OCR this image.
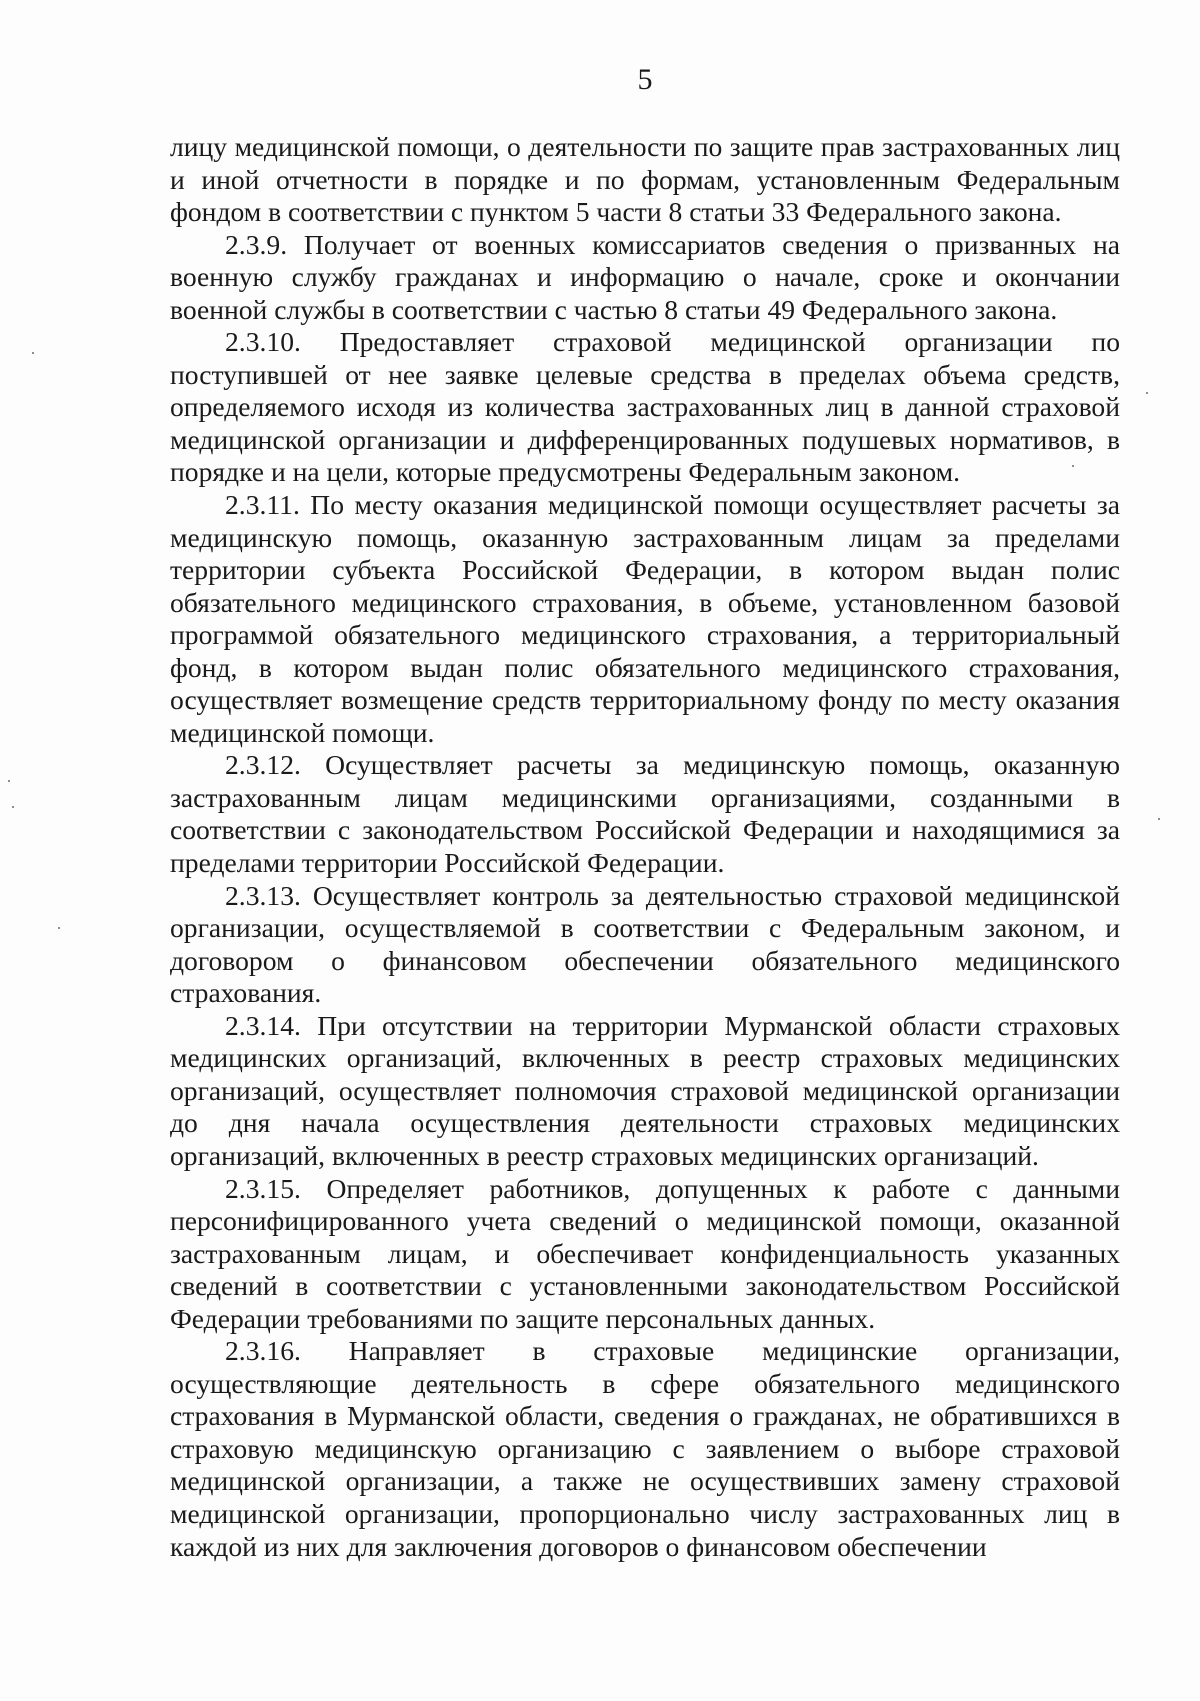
5

лицу медицинской помощи, о деятельности по защите прав застрахованных лиц и иной отчетности в порядке и по формам, установленным Федеральным фондом в соответствии с пунктом 5 части 8 статьи 33 Федерального закона.

2.3.9. Получает от военных комиссариатов сведения о призванных на военную службу гражданах и информацию о начале, сроке и окончании военной службы в соответствии с частью 8 статьи 49 Федерального закона.

2.3.10. Предоставляет страховой медицинской организации по поступившей от нее заявке целевые средства в пределах объема средств, определяемого исходя из количества застрахованных лиц в данной страховой медицинской организации и дифференцированных подушевых нормативов, в порядке и на цели, которые предусмотрены Федеральным законом.

2.3.11. По месту оказания медицинской помощи осуществляет расчеты за медицинскую помощь, оказанную застрахованным лицам за пределами территории субъекта Российской Федерации, в котором выдан полис обязательного медицинского страхования, в объеме, установленном базовой программой обязательного медицинского страхования, а территориальный фонд, в котором выдан полис обязательного медицинского страхования, осуществляет возмещение средств территориальному фонду по месту оказания медицинской помощи.

2.3.12. Осуществляет расчеты за медицинскую помощь, оказанную застрахованным лицам медицинскими организациями, созданными в соответствии с законодательством Российской Федерации и находящимися за пределами территории Российской Федерации.

2.3.13. Осуществляет контроль за деятельностью страховой медицинской организации, осуществляемой в соответствии с Федеральным законом, и договором о финансовом обеспечении обязательного медицинского страхования.

2.3.14. При отсутствии на территории Мурманской области страховых медицинских организаций, включенных в реестр страховых медицинских организаций, осуществляет полномочия страховой медицинской организации до дня начала осуществления деятельности страховых медицинских организаций, включенных в реестр страховых медицинских организаций.

2.3.15. Определяет работников, допущенных к работе с данными персонифицированного учета сведений о медицинской помощи, оказанной застрахованным лицам, и обеспечивает конфиденциальность указанных сведений в соответствии с установленными законодательством Российской Федерации требованиями по защите персональных данных.

2.3.16. Направляет в страховые медицинские организации, осуществляющие деятельность в сфере обязательного медицинского страхования в Мурманской области, сведения о гражданах, не обратившихся в страховую медицинскую организацию с заявлением о выборе страховой медицинской организации, а также не осуществивших замену страховой медицинской организации, пропорционально числу застрахованных лиц в каждой из них для заключения договоров о финансовом обеспечении
